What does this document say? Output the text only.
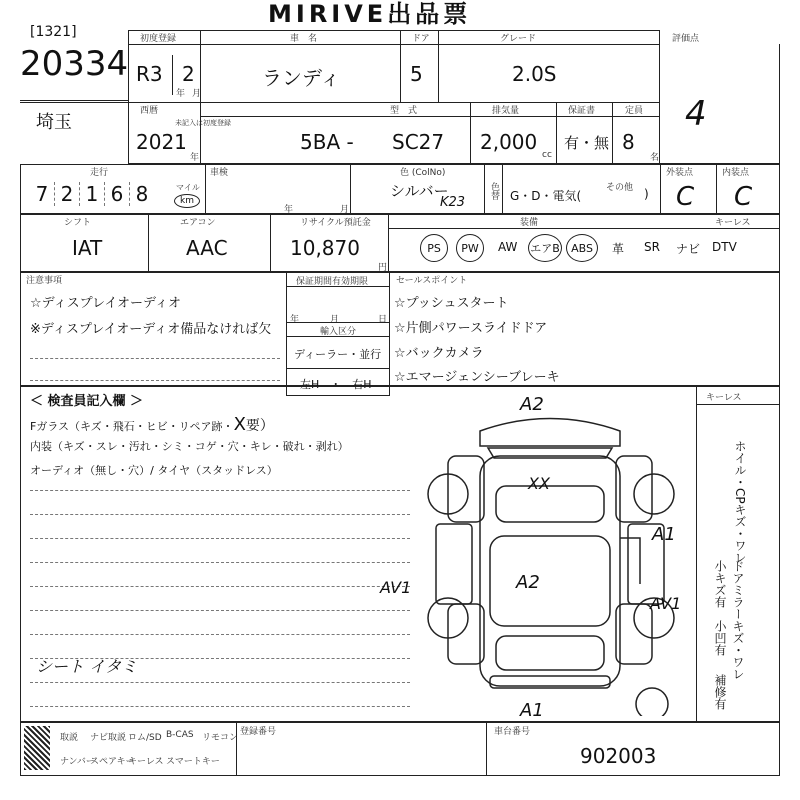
MIRIVE出品票
[1321]
20334
初度登録
R3 2
年 月
車　名
ランディ
ドア
5
グレード
2.0S
評価点
4
埼玉
西暦
未記入は初度登録
2021
年
型　式
5BA - SC27
排気量
2,000
cc
保証書
有・無
定員
8
名
走行
7 2 1 6 8	マイル
km
車検
年	月
色 (ColNo)
シルバー
K23
色替 G・D・電気(
その他 )
外装点
C
内装点
C
シフト
IAT
エアコン
AAC
リサイクル預託金
10,870
円
装備	キーレス
PS PW AW エアB ABS 革 SR ナビ DTV
注意事項
☆ディスプレイオーディオ
※ディスプレイオーディオ備品なければ欠
保証期間有効期限
年	月	日
輸入区分
ディーラー・並行
左H　・　右H
セールスポイント
☆プッシュスタート
☆片側パワースライドドア
☆バックカメラ
☆エマージェンシーブレーキ
＜ 検査員記入欄 ＞
Fガラス（キズ・飛石・ヒビ・リペア跡・X要）
内装（キズ・スレ・汚れ・シミ・コゲ・穴・キレ・破れ・剥れ）
オーディオ（無し・穴）/ タイヤ（スタッドレス）
シート イタミ
A2
XX
A1
A2
AV1
AV1
A1
キーレス
ホイル・CPキズ・ワレ
小キズ有 ドアミラーキズ・ワレ
小凹有
補修有
取説 ナビ取説 ロム/SD B-CAS リモコン
ナンバー
スペアキー
キーレス スマートキー
登録番号	車台番号
902003
